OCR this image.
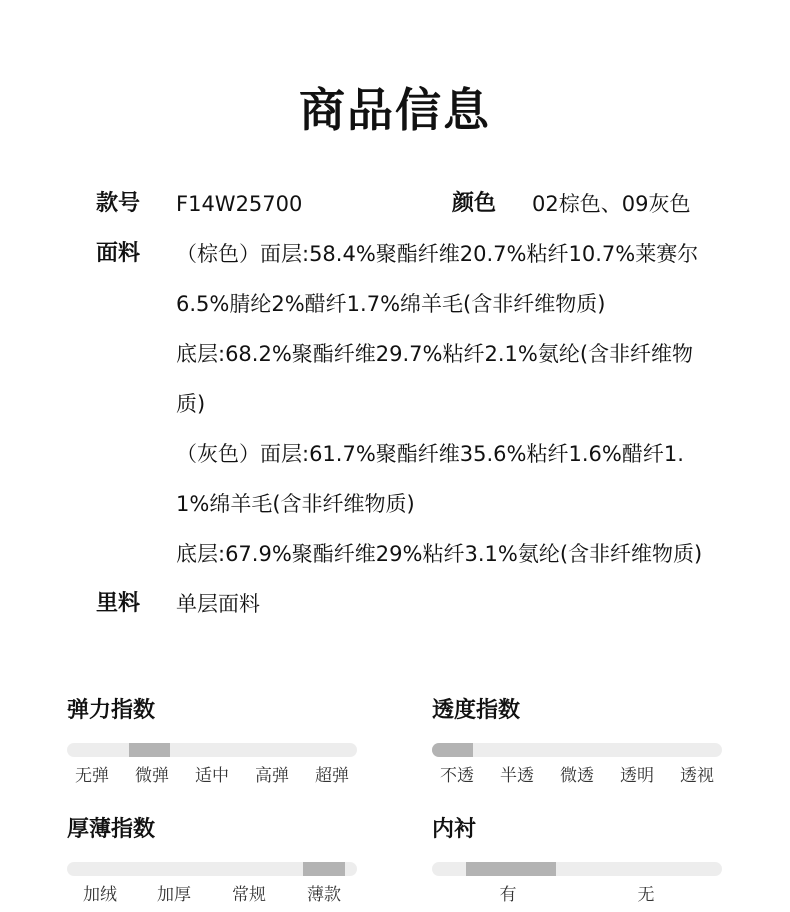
商品信息
款号 F14W25700	颜色 02棕色、09灰色
面料 （棕色）面层:58.4%聚酯纤维20.7%粘纤10.7%莱赛尔
6.5%腈纶2%醋纤1.7%绵羊毛(含非纤维物质)
底层:68.2%聚酯纤维29.7%粘纤2.1%氨纶(含非纤维物
质)
（灰色）面层:61.7%聚酯纤维35.6%粘纤1.6%醋纤1.
1%绵羊毛(含非纤维物质)
底层:67.9%聚酯纤维29%粘纤3.1%氨纶(含非纤维物质)
里料 单层面料
弹力指数
无弹 微弹 适中 高弹 超弹
透度指数
不透 半透 微透 透明 透视
厚薄指数
加绒 加厚 常规 薄款
内衬
有	无
